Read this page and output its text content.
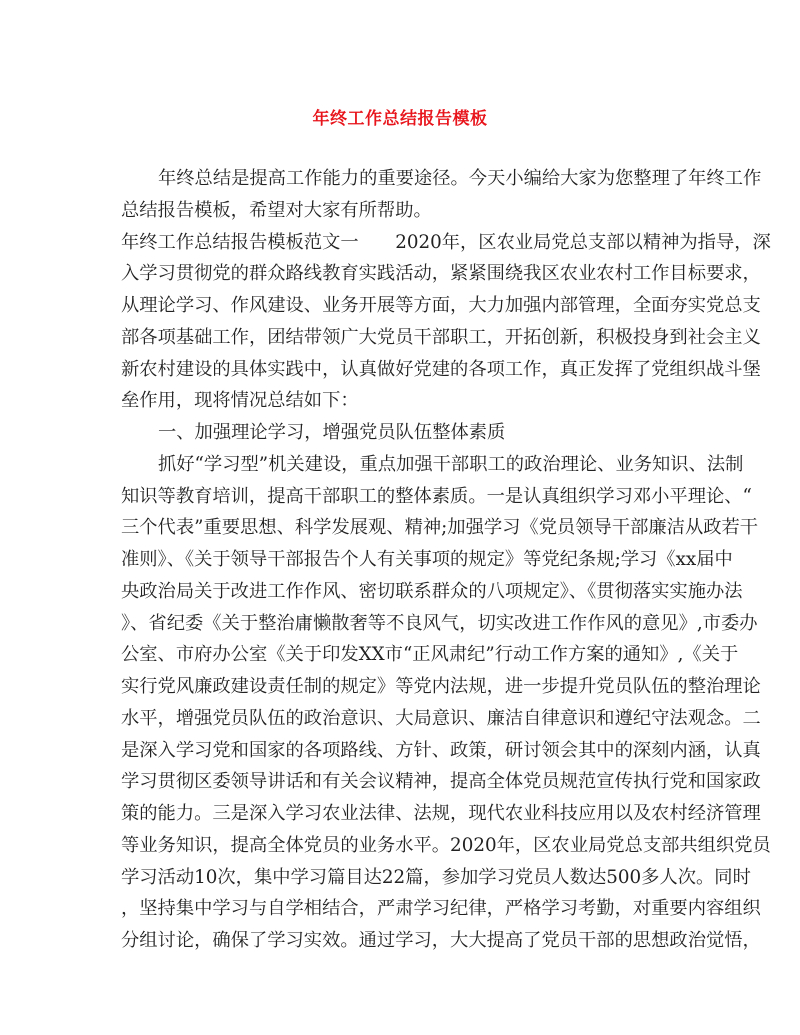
年终工作总结报告模板
年终总结是提高工作能力的重要途径。今天小编给大家为您整理了年终工作
总结报告模板，希望对大家有所帮助。
年终工作总结报告模板范文一　　2020年，区农业局党总支部以精神为指导，深
入学习贯彻党的群众路线教育实践活动，紧紧围绕我区农业农村工作目标要求，
从理论学习、作风建设、业务开展等方面，大力加强内部管理，全面夯实党总支
部各项基础工作，团结带领广大党员干部职工，开拓创新，积极投身到社会主义
新农村建设的具体实践中，认真做好党建的各项工作，真正发挥了党组织战斗堡
垒作用，现将情况总结如下：
一、加强理论学习，增强党员队伍整体素质
抓好“学习型”机关建设，重点加强干部职工的政治理论、业务知识、法制
知识等教育培训，提高干部职工的整体素质。一是认真组织学习邓小平理论、“
三个代表”重要思想、科学发展观、精神;加强学习《党员领导干部廉洁从政若干
准则》、《关于领导干部报告个人有关事项的规定》等党纪条规;学习《xx届中
央政治局关于改进工作作风、密切联系群众的八项规定》、《贯彻落实实施办法
》、省纪委《关于整治庸懒散奢等不良风气，切实改进工作作风的意见》,市委办
公室、市府办公室《关于印发XX市“正风肃纪”行动工作方案的通知》,《关于
实行党风廉政建设责任制的规定》等党内法规，进一步提升党员队伍的整治理论
水平，增强党员队伍的政治意识、大局意识、廉洁自律意识和遵纪守法观念。二
是深入学习党和国家的各项路线、方针、政策，研讨领会其中的深刻内涵，认真
学习贯彻区委领导讲话和有关会议精神，提高全体党员规范宣传执行党和国家政
策的能力。三是深入学习农业法律、法规，现代农业科技应用以及农村经济管理
等业务知识，提高全体党员的业务水平。2020年，区农业局党总支部共组织党员
学习活动10次，集中学习篇目达22篇，参加学习党员人数达500多人次。同时
，坚持集中学习与自学相结合，严肃学习纪律，严格学习考勤，对重要内容组织
分组讨论，确保了学习实效。通过学习，大大提高了党员干部的思想政治觉悟，
